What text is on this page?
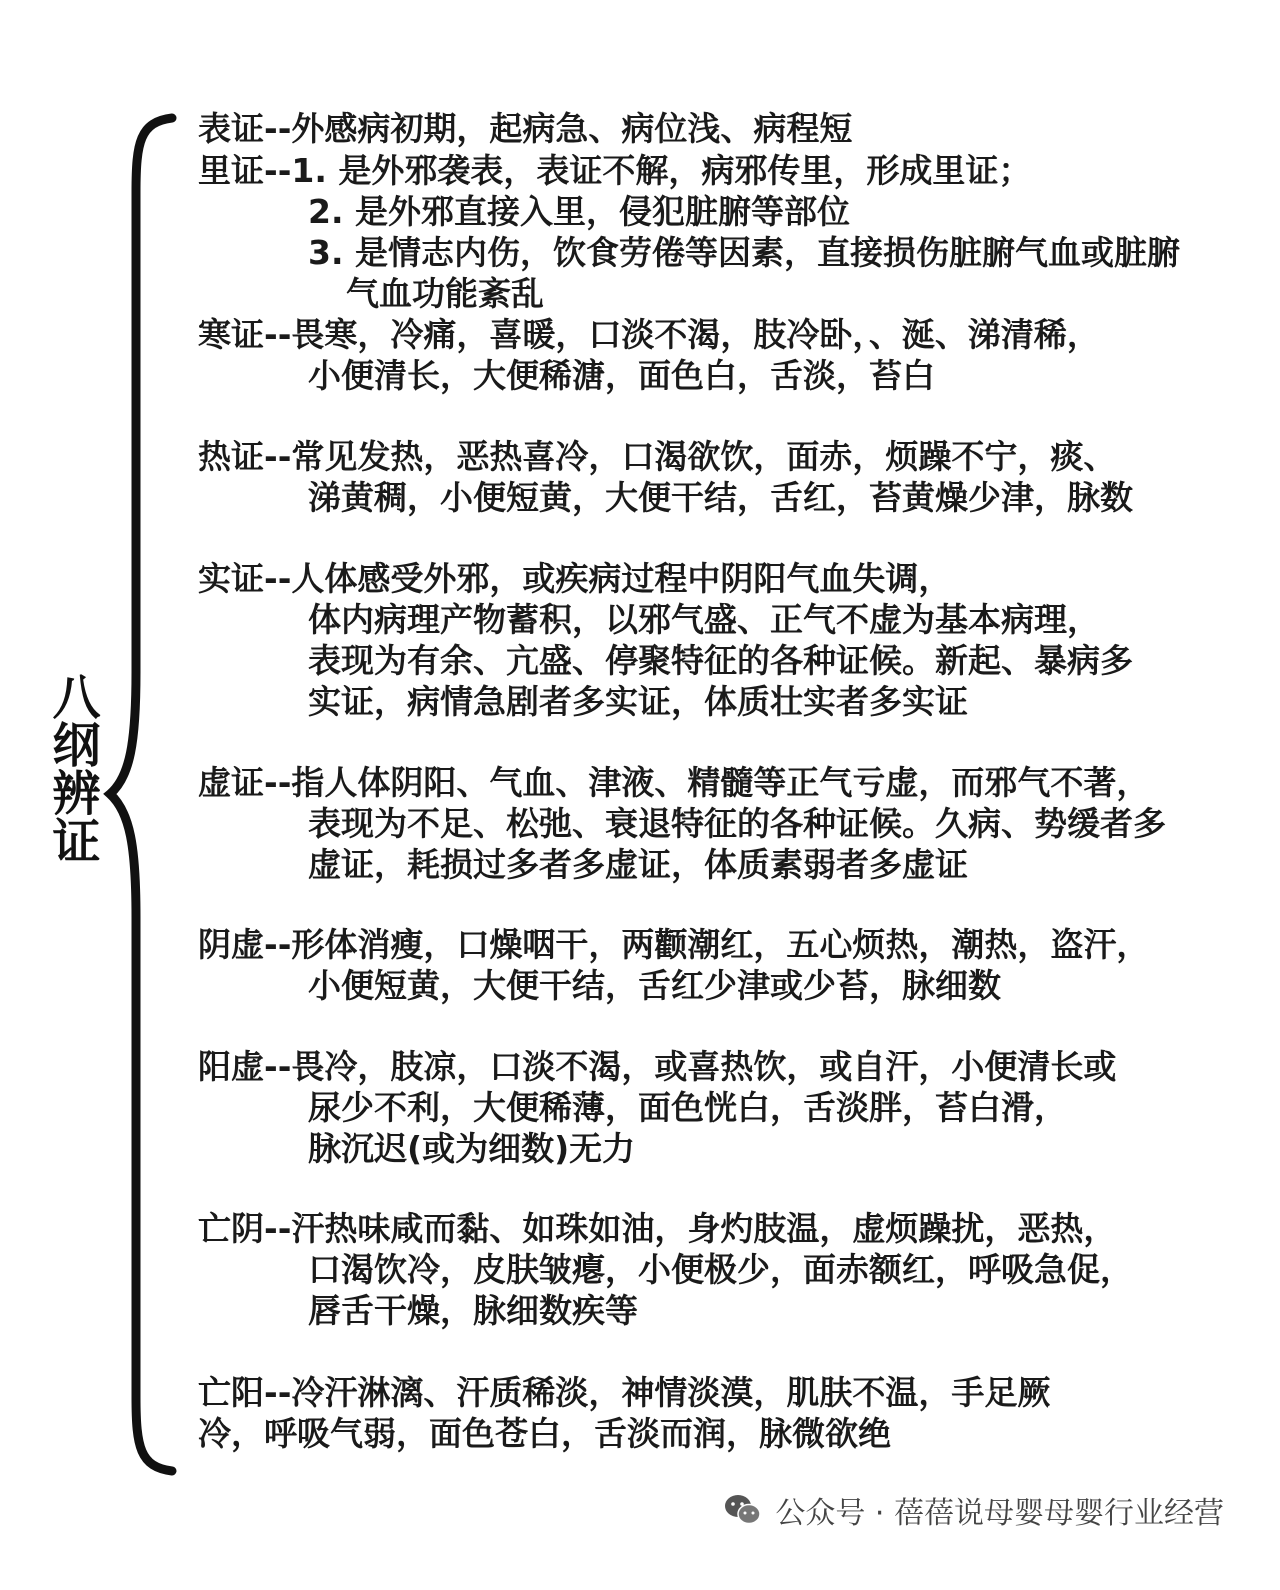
八纲辨证
表证--外感病初期，起病急、病位浅、病程短
里证--1. 是外邪袭表，表证不解，病邪传里，形成里证；
2. 是外邪直接入里，侵犯脏腑等部位
3. 是情志内伤，饮食劳倦等因素，直接损伤脏腑气血或脏腑
气血功能紊乱
寒证--畏寒，冷痛，喜暖，口淡不渴，肢冷卧，、涎、涕清稀，
小便清长，大便稀溏，面色白，舌淡，苔白
热证--常见发热，恶热喜冷，口渴欲饮，面赤，烦躁不宁，痰、
涕黄稠，小便短黄，大便干结，舌红，苔黄燥少津，脉数
实证--人体感受外邪，或疾病过程中阴阳气血失调，
体内病理产物蓄积，以邪气盛、正气不虚为基本病理，
表现为有余、亢盛、停聚特征的各种证候。新起、暴病多
实证，病情急剧者多实证，体质壮实者多实证
虚证--指人体阴阳、气血、津液、精髓等正气亏虚，而邪气不著，
表现为不足、松弛、衰退特征的各种证候。久病、势缓者多
虚证，耗损过多者多虚证，体质素弱者多虚证
阴虚--形体消瘦，口燥咽干，两颧潮红，五心烦热，潮热，盗汗，
小便短黄，大便干结，舌红少津或少苔，脉细数
阳虚--畏冷，肢凉，口淡不渴，或喜热饮，或自汗，小便清长或
尿少不利，大便稀薄，面色恍白，舌淡胖，苔白滑，
脉沉迟(或为细数)无力
亡阴--汗热味咸而黏、如珠如油，身灼肢温，虚烦躁扰，恶热，
口渴饮冷，皮肤皱瘪，小便极少，面赤额红，呼吸急促，
唇舌干燥，脉细数疾等
亡阳--冷汗淋漓、汗质稀淡，神情淡漠，肌肤不温，手足厥
冷，呼吸气弱，面色苍白，舌淡而润，脉微欲绝
公众号 · 蓓蓓说母婴母婴行业经营
